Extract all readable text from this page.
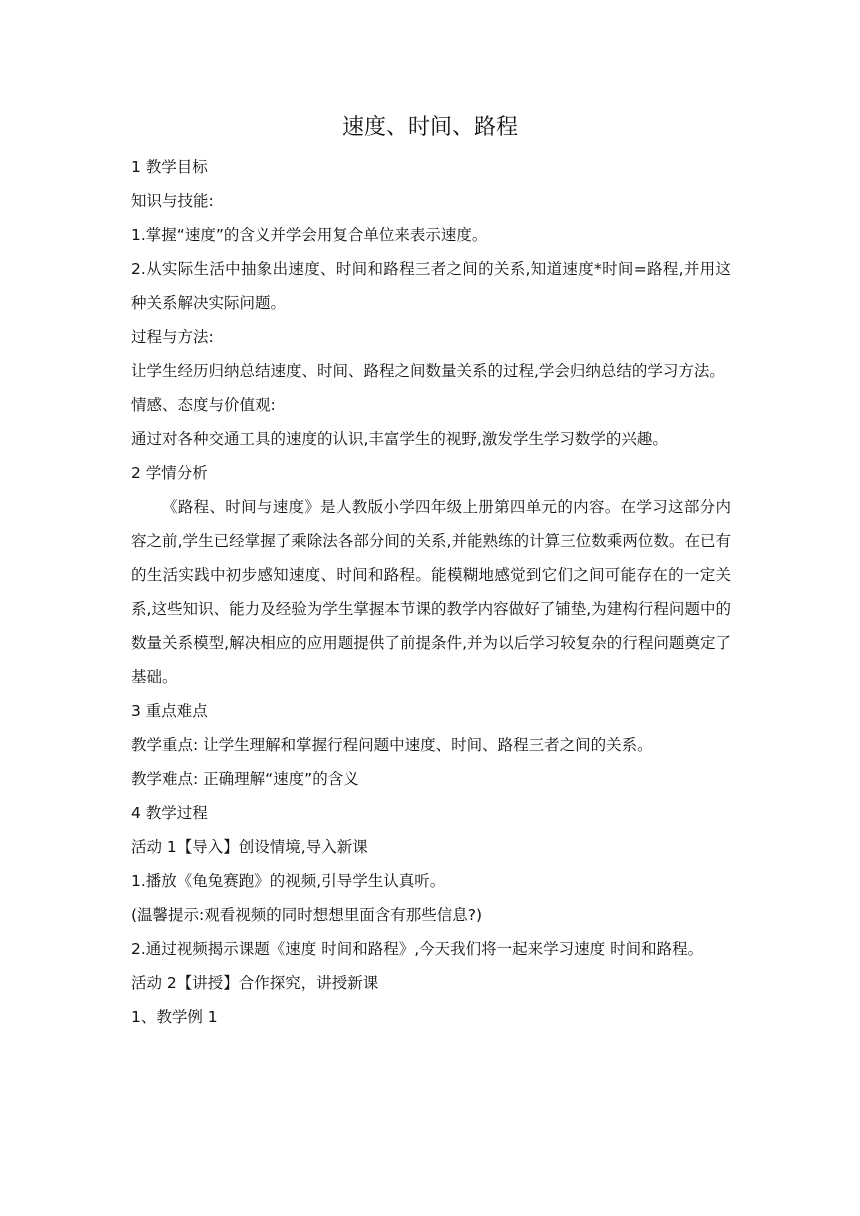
速度、时间、路程

1 教学目标

知识与技能:

1.掌握“速度”的含义并学会用复合单位来表示速度。

2.从实际生活中抽象出速度、时间和路程三者之间的关系,知道速度*时间=路程,并用这种关系解决实际问题。

过程与方法:

让学生经历归纳总结速度、时间、路程之间数量关系的过程,学会归纳总结的学习方法。

情感、态度与价值观:

通过对各种交通工具的速度的认识,丰富学生的视野,激发学生学习数学的兴趣。

2 学情分析

《路程、时间与速度》是人教版小学四年级上册第四单元的内容。在学习这部分内容之前,学生已经掌握了乘除法各部分间的关系,并能熟练的计算三位数乘两位数。在已有的生活实践中初步感知速度、时间和路程。能模糊地感觉到它们之间可能存在的一定关系,这些知识、能力及经验为学生掌握本节课的教学内容做好了铺垫,为建构行程问题中的数量关系模型,解决相应的应用题提供了前提条件,并为以后学习较复杂的行程问题奠定了基础。

3 重点难点

教学重点: 让学生理解和掌握行程问题中速度、时间、路程三者之间的关系。

教学难点: 正确理解“速度”的含义

4 教学过程

活动 1【导入】创设情境,导入新课

1.播放《龟兔赛跑》的视频,引导学生认真听。

(温馨提示:观看视频的同时想想里面含有那些信息?)

2.通过视频揭示课题《速度 时间和路程》,今天我们将一起来学习速度 时间和路程。

活动 2【讲授】合作探究，讲授新课

1、教学例 1
